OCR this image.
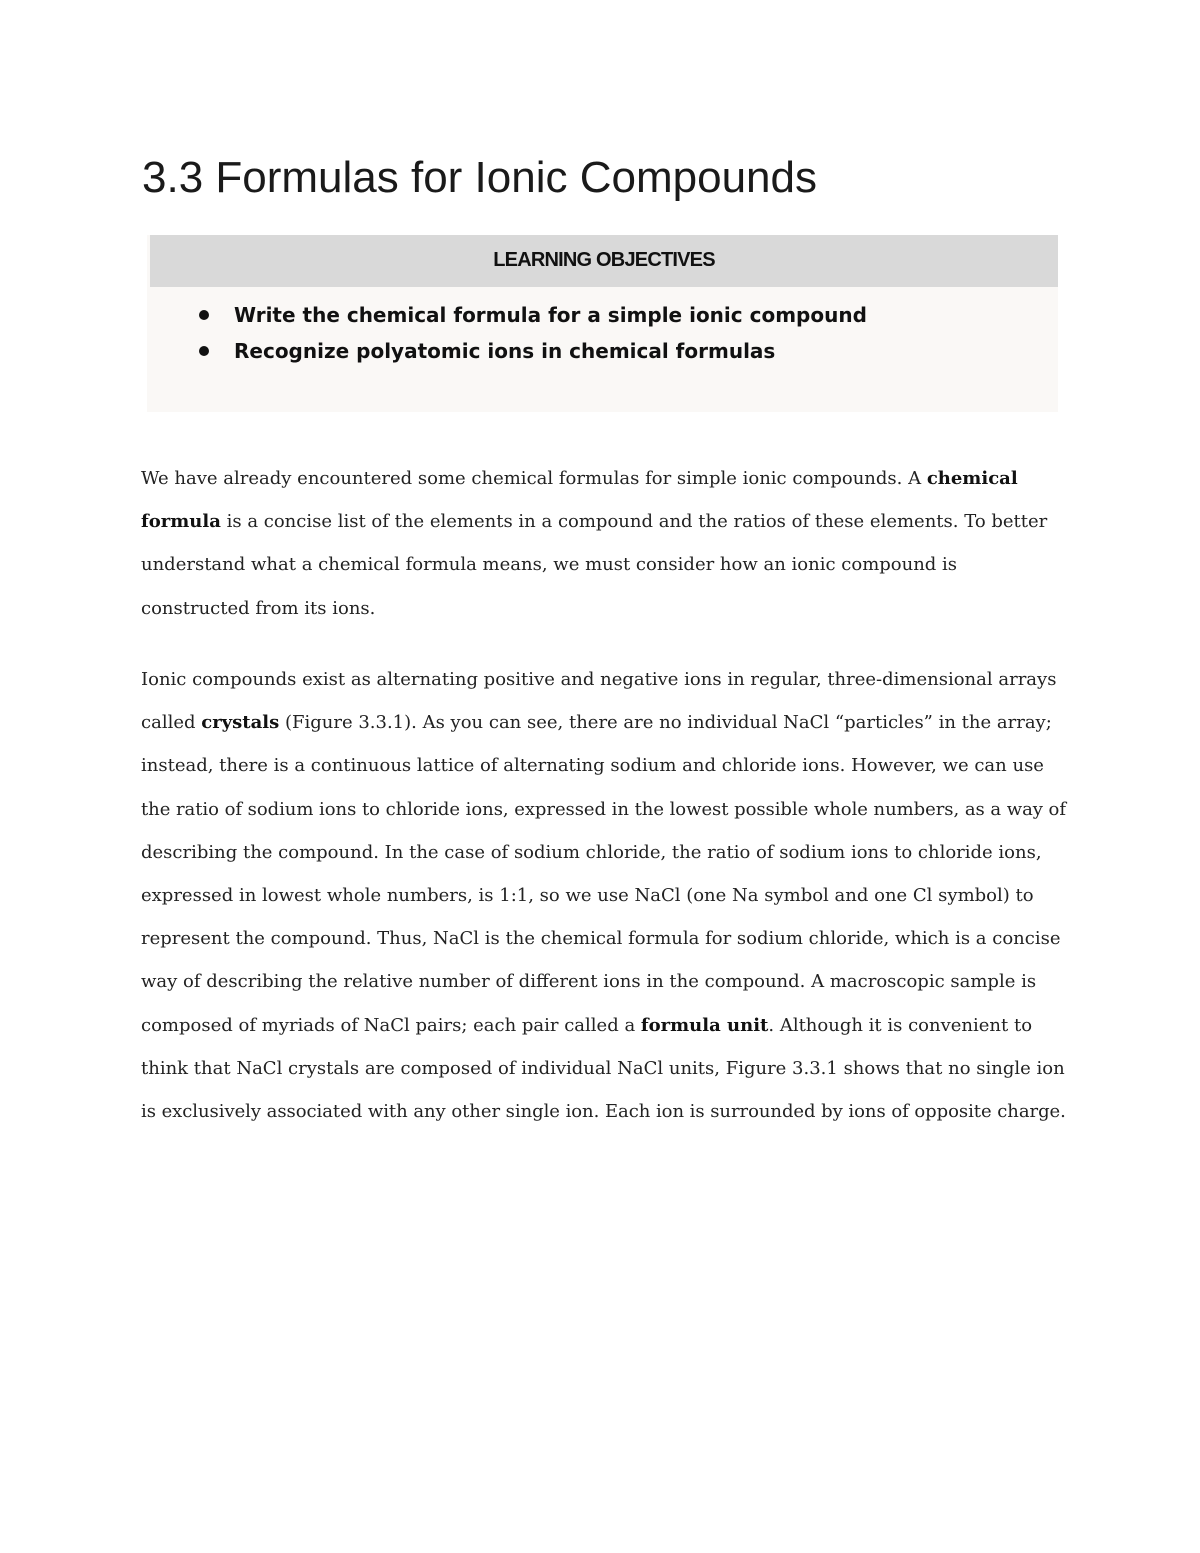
3.3 Formulas for Ionic Compounds
LEARNING OBJECTIVES
Write the chemical formula for a simple ionic compound
Recognize polyatomic ions in chemical formulas

We have already encountered some chemical formulas for simple ionic compounds. A chemical
formula is a concise list of the elements in a compound and the ratios of these elements. To better
understand what a chemical formula means, we must consider how an ionic compound is
constructed from its ions.

Ionic compounds exist as alternating positive and negative ions in regular, three-dimensional arrays
called crystals (Figure 3.3.1). As you can see, there are no individual NaCl “particles” in the array;
instead, there is a continuous lattice of alternating sodium and chloride ions. However, we can use
the ratio of sodium ions to chloride ions, expressed in the lowest possible whole numbers, as a way of
describing the compound. In the case of sodium chloride, the ratio of sodium ions to chloride ions,
expressed in lowest whole numbers, is 1:1, so we use NaCl (one Na symbol and one Cl symbol) to
represent the compound. Thus, NaCl is the chemical formula for sodium chloride, which is a concise
way of describing the relative number of different ions in the compound. A macroscopic sample is
composed of myriads of NaCl pairs; each pair called a formula unit. Although it is convenient to
think that NaCl crystals are composed of individual NaCl units, Figure 3.3.1 shows that no single ion
is exclusively associated with any other single ion. Each ion is surrounded by ions of opposite charge.
